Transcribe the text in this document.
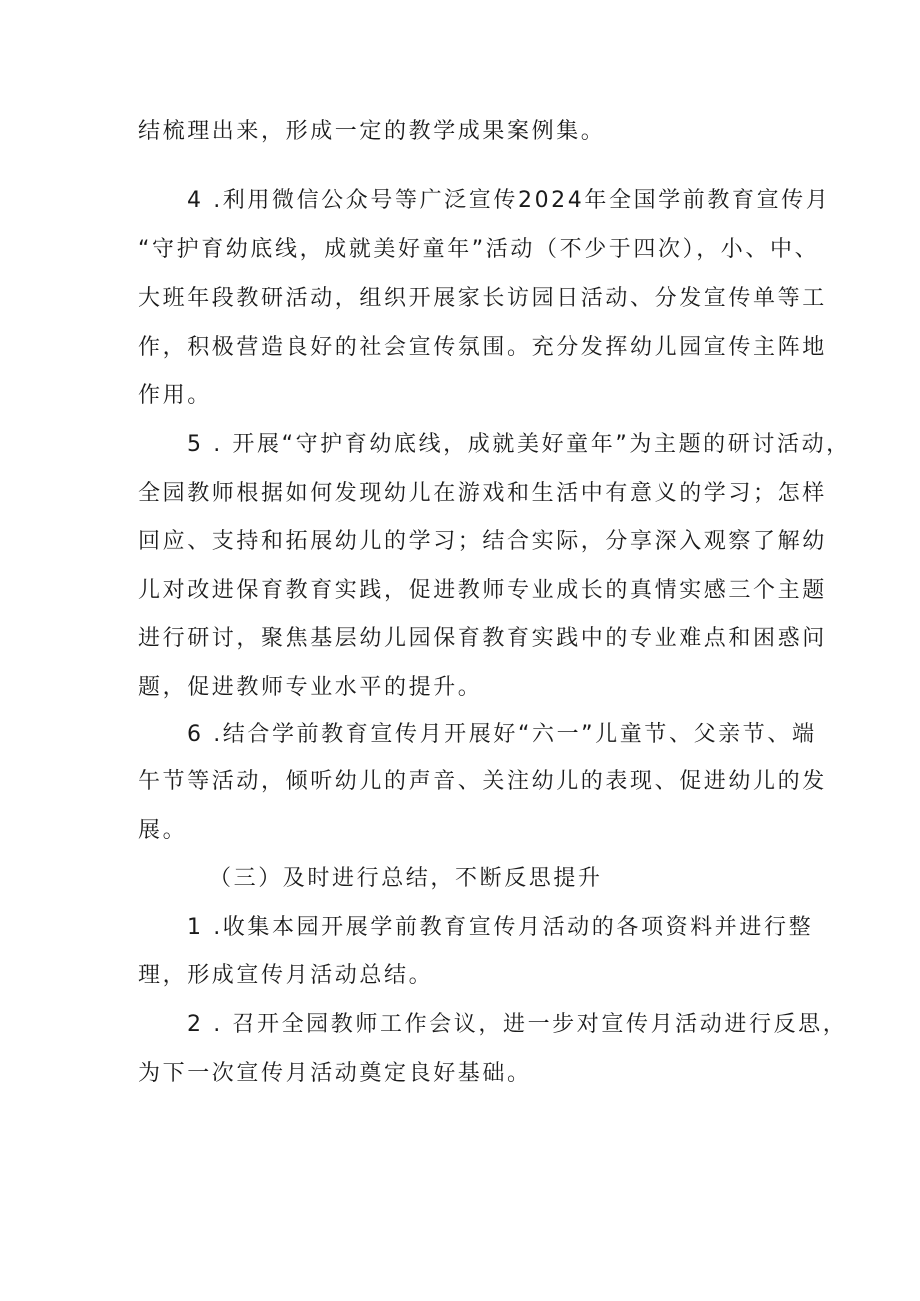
结梳理出来，形成一定的教学成果案例集。
4 .利用微信公众号等广泛宣传2024年全国学前教育宣传月
“守护育幼底线，成就美好童年”活动（不少于四次），小、中、
大班年段教研活动，组织开展家长访园日活动、分发宣传单等工
作，积极营造良好的社会宣传氛围。充分发挥幼儿园宣传主阵地
作用。
5 . 开展“守护育幼底线，成就美好童年”为主题的研讨活动，
全园教师根据如何发现幼儿在游戏和生活中有意义的学习；怎样
回应、支持和拓展幼儿的学习；结合实际，分享深入观察了解幼
儿对改进保育教育实践，促进教师专业成长的真情实感三个主题
进行研讨，聚焦基层幼儿园保育教育实践中的专业难点和困惑问
题，促进教师专业水平的提升。
6 .结合学前教育宣传月开展好“六一”儿童节、父亲节、端
午节等活动，倾听幼儿的声音、关注幼儿的表现、促进幼儿的发
展。
（三）及时进行总结，不断反思提升
1 .收集本园开展学前教育宣传月活动的各项资料并进行整
理，形成宣传月活动总结。
2 . 召开全园教师工作会议，进一步对宣传月活动进行反思，
为下一次宣传月活动奠定良好基础。
